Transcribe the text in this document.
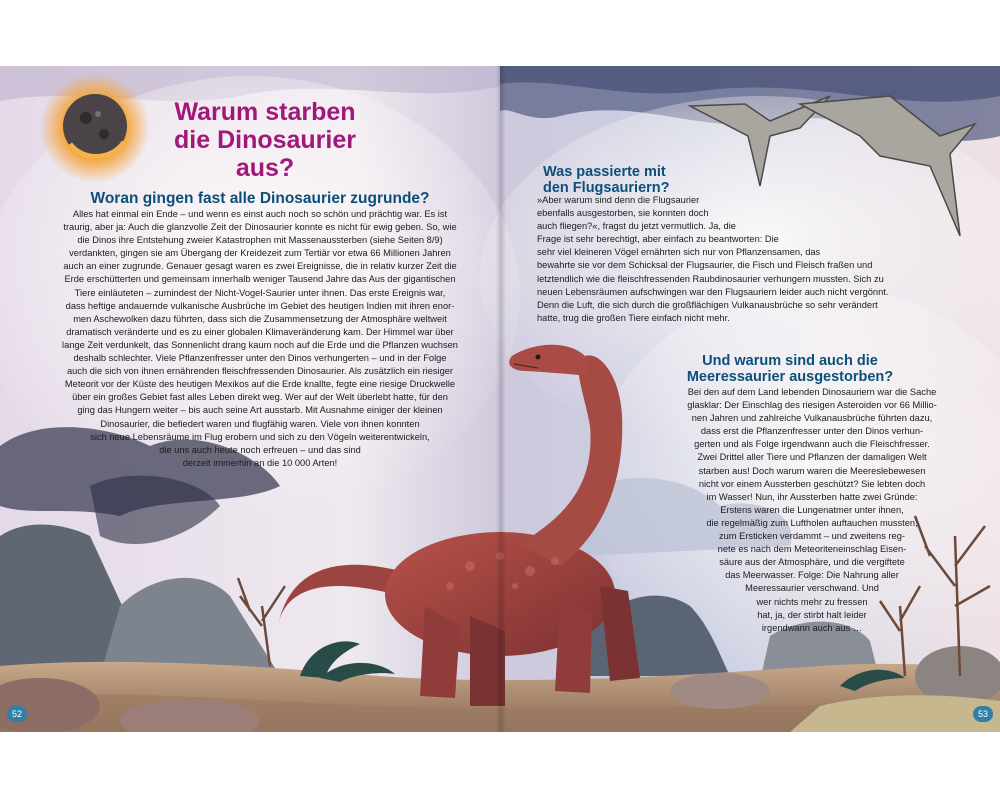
Warum starben
die Dinosaurier aus?
Woran gingen fast alle Dinosaurier zugrunde?

Alles hat einmal ein Ende – und wenn es einst auch noch so schön und prächtig war. Es ist
traurig, aber ja: Auch die glanzvolle Zeit der Dinosaurier konnte es nicht für ewig geben. So, wie
die Dinos ihre Entstehung zweier Katastrophen mit Massenaussterben (siehe Seiten 8/9)
verdankten, gingen sie am Übergang der Kreidezeit zum Tertiär vor etwa 66 Millionen Jahren
auch an einer zugrunde. Genauer gesagt waren es zwei Ereignisse, die in relativ kurzer Zeit die
Erde erschütterten und gemeinsam innerhalb weniger Tausend Jahre das Aus der gigantischen
Tiere einläuteten – zumindest der Nicht-Vogel-Saurier unter ihnen. Das erste Ereignis war,
dass heftige andauernde vulkanische Ausbrüche im Gebiet des heutigen Indien mit ihren enor-
men Aschewolken dazu führten, dass sich die Zusammensetzung der Atmosphäre weltweit
dramatisch veränderte und es zu einer globalen Klimaveränderung kam. Der Himmel war über
lange Zeit verdunkelt, das Sonnenlicht drang kaum noch auf die Erde und die Pflanzen wuchsen
deshalb schlechter. Viele Pflanzenfresser unter den Dinos verhungerten – und in der Folge
auch die sich von ihnen ernährenden fleischfressenden Dinosaurier. Als zusätzlich ein riesiger
Meteorit vor der Küste des heutigen Mexikos auf die Erde knallte, fegte eine riesige Druckwelle
über ein großes Gebiet fast alles Leben direkt weg. Wer auf der Welt überlebt hatte, für den
ging das Hungern weiter – bis auch seine Art ausstarb. Mit Ausnahme einiger der kleinen
Dinosaurier, die befiedert waren und flugfähig waren. Viele von ihnen konnten
sich neue Lebensräume im Flug erobern und sich zu den Vögeln weiterentwickeln,
die uns auch heute noch erfreuen – und das sind
derzeit immerhin an die 10 000 Arten!

Was passierte mit
den Flugsauriern?

»Aber warum sind denn die Flugsaurier
ebenfalls ausgestorben, sie konnten doch
auch fliegen?«, fragst du jetzt vermutlich. Ja, die
Frage ist sehr berechtigt, aber einfach zu beantworten: Die
sehr viel kleineren Vögel ernährten sich nur von Pflanzensamen, das
bewahrte sie vor dem Schicksal der Flugsaurier, die Fisch und Fleisch fraßen und
letztendlich wie die fleischfressenden Raubdinosaurier verhungern mussten. Sich zu
neuen Lebensräumen aufschwingen war den Flugsauriern leider auch nicht vergönnt.
Denn die Luft, die sich durch die großflächigen Vulkanausbrüche so sehr verändert
hatte, trug die großen Tiere einfach nicht mehr.

Und warum sind auch die
Meeressaurier ausgestorben?

Bei den auf dem Land lebenden Dinosauriern war die Sache
glasklar: Der Einschlag des riesigen Asteroiden vor 66 Millio-
nen Jahren und zahlreiche Vulkanausbrüche führten dazu,
dass erst die Pflanzenfresser unter den Dinos verhun-
gerten und als Folge irgendwann auch die Fleischfresser.
Zwei Drittel aller Tiere und Pflanzen der damaligen Welt
starben aus! Doch warum waren die Meereslebewesen
nicht vor einem Aussterben geschützt? Sie lebten doch
im Wasser! Nun, ihr Aussterben hatte zwei Gründe:
Erstens waren die Lungenatmer unter ihnen,
die regelmäßig zum Luftholen auftauchen mussten,
zum Ersticken verdammt – und zweitens reg-
nete es nach dem Meteoriteneinschlag Eisen-
säure aus der Atmosphäre, und die vergiftete
das Meerwasser. Folge: Die Nahrung aller
Meeressaurier verschwand. Und
wer nichts mehr zu fressen
hat, ja, der stirbt halt leider
irgendwann auch aus …

52	53
